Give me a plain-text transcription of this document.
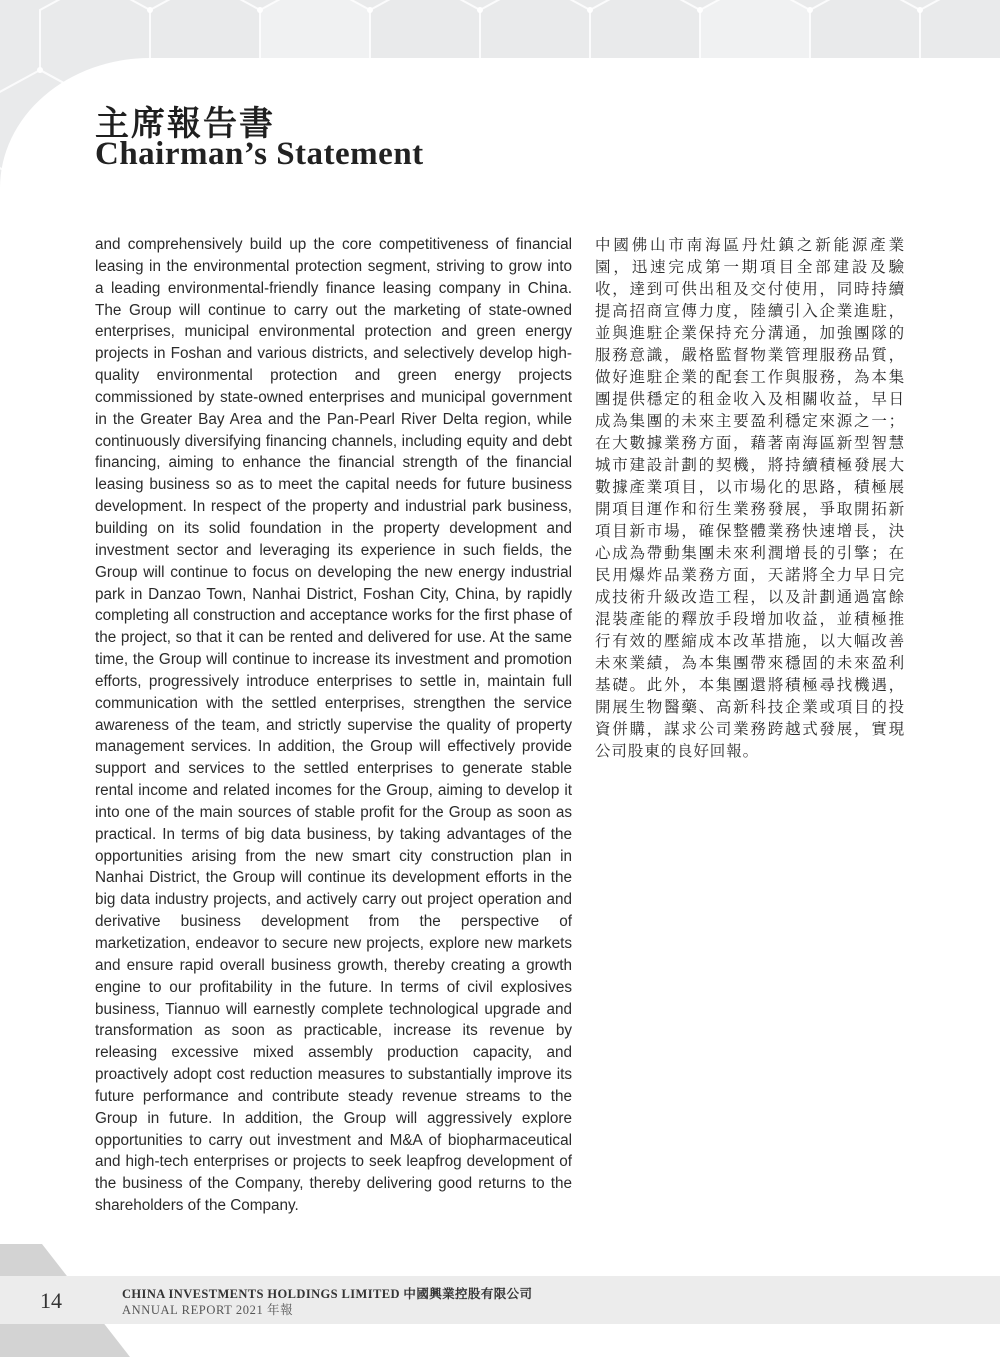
主席報告書
Chairman’s Statement

and comprehensively build up the core competitiveness of financial leasing in the environmental protection segment, striving to grow into a leading environmental-friendly finance leasing company in China. The Group will continue to carry out the marketing of state-owned enterprises, municipal environmental protection and green energy projects in Foshan and various districts, and selectively develop high-quality environmental protection and green energy projects commissioned by state-owned enterprises and municipal government in the Greater Bay Area and the Pan-Pearl River Delta region, while continuously diversifying financing channels, including equity and debt financing, aiming to enhance the financial strength of the financial leasing business so as to meet the capital needs for future business development. In respect of the property and industrial park business, building on its solid foundation in the property development and investment sector and leveraging its experience in such fields, the Group will continue to focus on developing the new energy industrial park in Danzao Town, Nanhai District, Foshan City, China, by rapidly completing all construction and acceptance works for the first phase of the project, so that it can be rented and delivered for use. At the same time, the Group will continue to increase its investment and promotion efforts, progressively introduce enterprises to settle in, maintain full communication with the settled enterprises, strengthen the service awareness of the team, and strictly supervise the quality of property management services. In addition, the Group will effectively provide support and services to the settled enterprises to generate stable rental income and related incomes for the Group, aiming to develop it into one of the main sources of stable profit for the Group as soon as practical. In terms of big data business, by taking advantages of the opportunities arising from the new smart city construction plan in Nanhai District, the Group will continue its development efforts in the big data industry projects, and actively carry out project operation and derivative business development from the perspective of marketization, endeavor to secure new projects, explore new markets and ensure rapid overall business growth, thereby creating a growth engine to our profitability in the future. In terms of civil explosives business, Tiannuo will earnestly complete technological upgrade and transformation as soon as practicable, increase its revenue by releasing excessive mixed assembly production capacity, and proactively adopt cost reduction measures to substantially improve its future performance and contribute steady revenue streams to the Group in future. In addition, the Group will aggressively explore opportunities to carry out investment and M&A of biopharmaceutical and high-tech enterprises or projects to seek leapfrog development of the business of the Company, thereby delivering good returns to the shareholders of the Company.

中國佛山市南海區丹灶鎮之新能源產業園，迅速完成第一期項目全部建設及驗收，達到可供出租及交付使用，同時持續提高招商宣傳力度，陸續引入企業進駐，並與進駐企業保持充分溝通，加強團隊的服務意識，嚴格監督物業管理服務品質，做好進駐企業的配套工作與服務，為本集團提供穩定的租金收入及相關收益，早日成為集團的未來主要盈利穩定來源之一；在大數據業務方面，藉著南海區新型智慧城市建設計劃的契機，將持續積極發展大數據產業項目，以市場化的思路，積極展開項目運作和衍生業務發展，爭取開拓新項目新市場，確保整體業務快速增長，決心成為帶動集團未來利潤增長的引擎；在民用爆炸品業務方面，天諾將全力早日完成技術升級改造工程，以及計劃通過富餘混裝產能的釋放手段增加收益，並積極推行有效的壓縮成本改革措施，以大幅改善未來業績，為本集團帶來穩固的未來盈利基礎。此外，本集團還將積極尋找機遇，開展生物醫藥、高新科技企業或項目的投資併購，謀求公司業務跨越式發展，實現公司股東的良好回報。

14	CHINA INVESTMENTS HOLDINGS LIMITED 中國興業控股有限公司
ANNUAL REPORT 2021 年報
